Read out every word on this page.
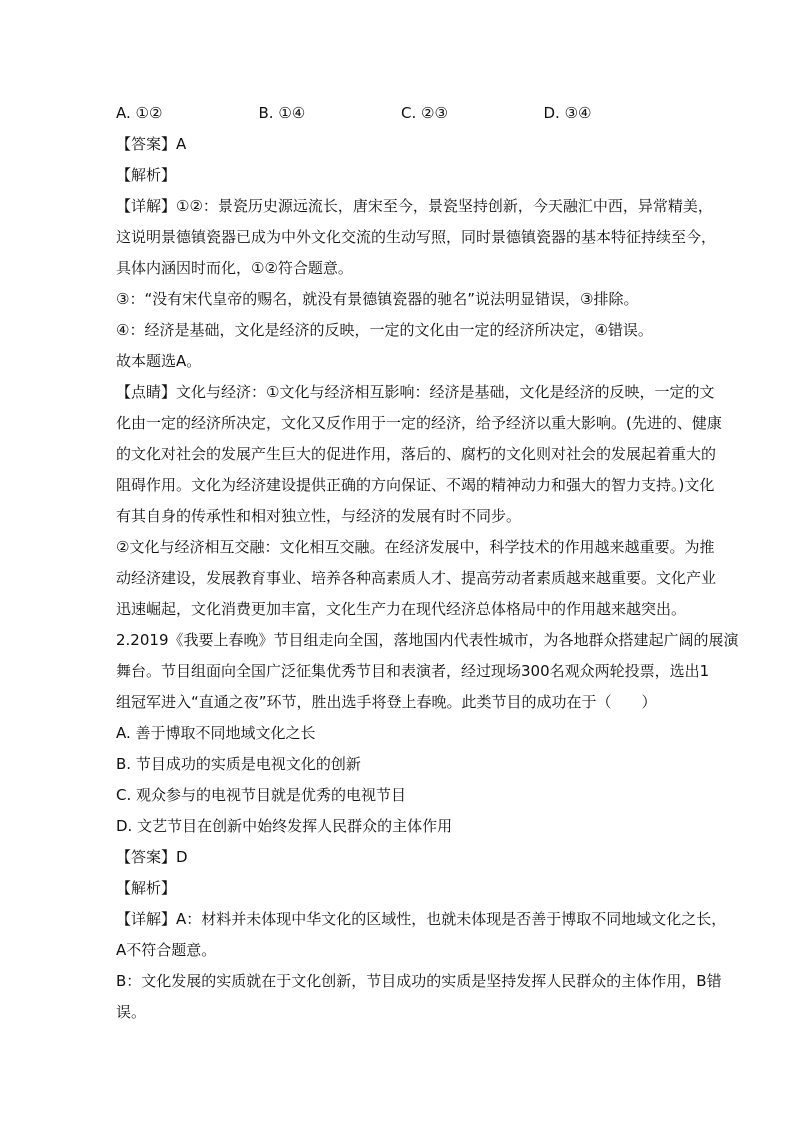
A. ①②	B. ①④	C. ②③	D. ③④
【答案】A
【解析】
【详解】①②：景瓷历史源远流长，唐宋至今，景瓷坚持创新，今天融汇中西，异常精美，
这说明景德镇瓷器已成为中外文化交流的生动写照，同时景德镇瓷器的基本特征持续至今，
具体内涵因时而化，①②符合题意。
③：“没有宋代皇帝的赐名，就没有景德镇瓷器的驰名”说法明显错误，③排除。
④：经济是基础，文化是经济的反映，一定的文化由一定的经济所决定，④错误。
故本题选A。
【点睛】文化与经济：①文化与经济相互影响：经济是基础，文化是经济的反映，一定的文
化由一定的经济所决定，文化又反作用于一定的经济，给予经济以重大影响。(先进的、健康
的文化对社会的发展产生巨大的促进作用，落后的、腐朽的文化则对社会的发展起着重大的
阻碍作用。文化为经济建设提供正确的方向保证、不竭的精神动力和强大的智力支持。)文化
有其自身的传承性和相对独立性，与经济的发展有时不同步。
②文化与经济相互交融：文化相互交融。在经济发展中，科学技术的作用越来越重要。为推
动经济建设，发展教育事业、培养各种高素质人才、提高劳动者素质越来越重要。文化产业
迅速崛起，文化消费更加丰富，文化生产力在现代经济总体格局中的作用越来越突出。
2.2019《我要上春晚》节目组走向全国，落地国内代表性城市，为各地群众搭建起广阔的展演
舞台。节目组面向全国广泛征集优秀节目和表演者，经过现场300名观众两轮投票，选出1
组冠军进入“直通之夜”环节，胜出选手将登上春晚。此类节目的成功在于（　　）
A. 善于博取不同地域文化之长
B. 节目成功的实质是电视文化的创新
C. 观众参与的电视节目就是优秀的电视节目
D. 文艺节目在创新中始终发挥人民群众的主体作用
【答案】D
【解析】
【详解】A：材料并未体现中华文化的区域性，也就未体现是否善于博取不同地域文化之长，
A不符合题意。
B：文化发展的实质就在于文化创新，节目成功的实质是坚持发挥人民群众的主体作用，B错
误。
